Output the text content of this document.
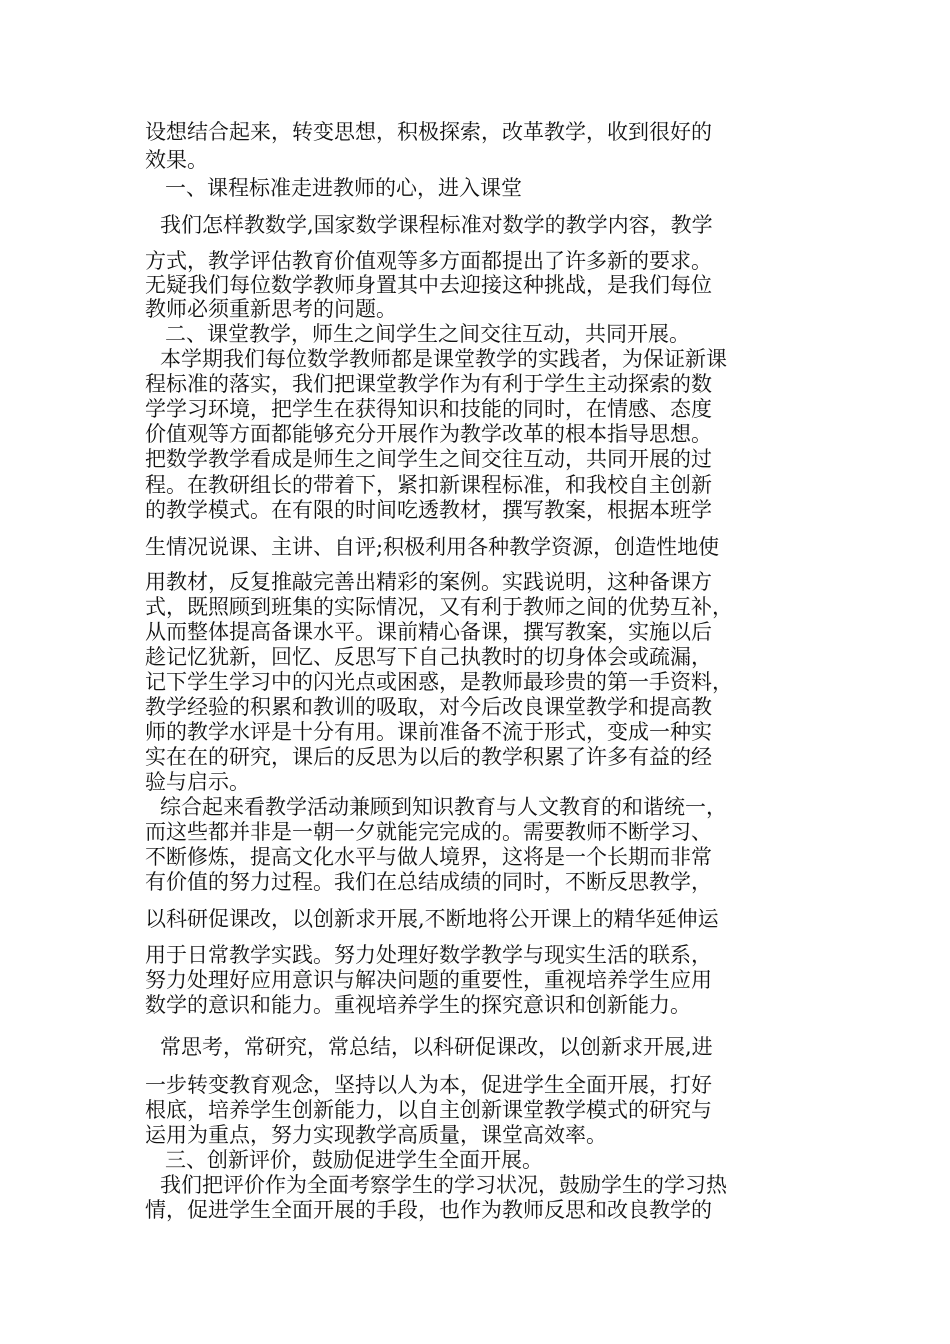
设想结合起来，转变思想，积极探索，改革教学，收到很好的

效果。

一、课程标准走进教师的心，进入课堂

我们怎样教数学,国家数学课程标准对数学的教学内容，教学

方式，教学评估教育价值观等多方面都提出了许多新的要求。

无疑我们每位数学教师身置其中去迎接这种挑战，是我们每位

教师必须重新思考的问题。

二、课堂教学，师生之间学生之间交往互动，共同开展。

本学期我们每位数学教师都是课堂教学的实践者，为保证新课

程标准的落实，我们把课堂教学作为有利于学生主动探索的数

学学习环境，把学生在获得知识和技能的同时，在情感、态度

价值观等方面都能够充分开展作为教学改革的根本指导思想。

把数学教学看成是师生之间学生之间交往互动，共同开展的过

程。在教研组长的带着下，紧扣新课程标准，和我校自主创新

的教学模式。在有限的时间吃透教材，撰写教案，根据本班学

生情况说课、主讲、自评;积极利用各种教学资源，创造性地使

用教材，反复推敲完善出精彩的案例。实践说明，这种备课方

式，既照顾到班集的实际情况，又有利于教师之间的优势互补，

从而整体提高备课水平。课前精心备课，撰写教案，实施以后

趁记忆犹新，回忆、反思写下自己执教时的切身体会或疏漏，

记下学生学习中的闪光点或困惑，是教师最珍贵的第一手资料，

教学经验的积累和教训的吸取，对今后改良课堂教学和提高教

师的教学水评是十分有用。课前准备不流于形式，变成一种实

实在在的研究，课后的反思为以后的教学积累了许多有益的经

验与启示。

综合起来看教学活动兼顾到知识教育与人文教育的和谐统一，

而这些都并非是一朝一夕就能完完成的。需要教师不断学习、

不断修炼，提高文化水平与做人境界，这将是一个长期而非常

有价值的努力过程。我们在总结成绩的同时，不断反思教学，

以科研促课改，以创新求开展,不断地将公开课上的精华延伸运

用于日常教学实践。努力处理好数学教学与现实生活的联系，

努力处理好应用意识与解决问题的重要性，重视培养学生应用

数学的意识和能力。重视培养学生的探究意识和创新能力。

常思考，常研究，常总结，以科研促课改，以创新求开展,进

一步转变教育观念，坚持以人为本，促进学生全面开展，打好

根底，培养学生创新能力，以自主创新课堂教学模式的研究与

运用为重点，努力实现教学高质量，课堂高效率。

三、创新评价，鼓励促进学生全面开展。

我们把评价作为全面考察学生的学习状况，鼓励学生的学习热

情，促进学生全面开展的手段，也作为教师反思和改良教学的
